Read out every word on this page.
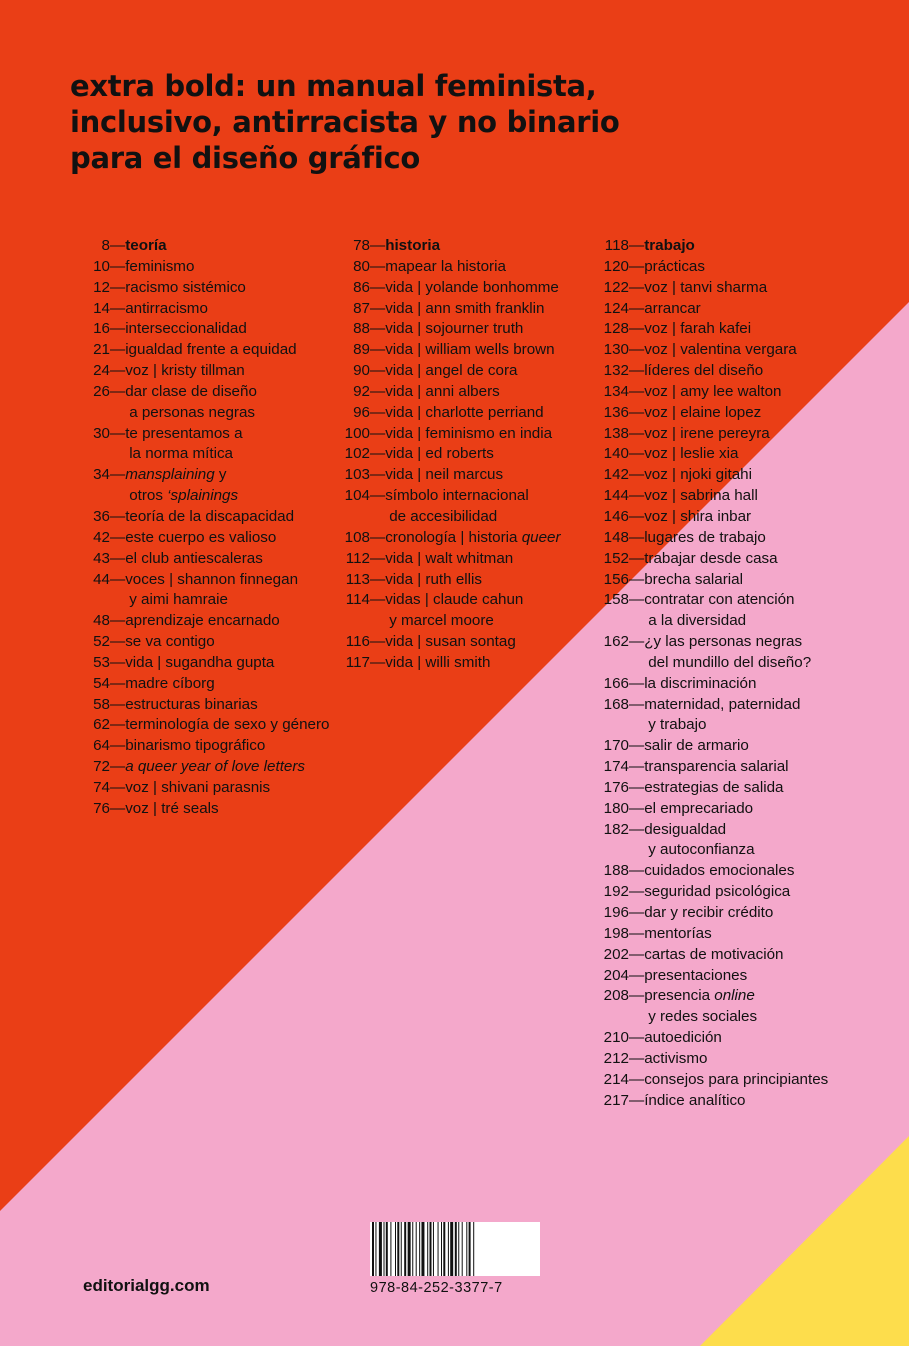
extra bold: un manual feminista,
inclusivo, antirracista y no binario
para el diseño gráfico
8 — teoría
10 — feminismo
12 — racismo sistémico
14 — antirracismo
16 — interseccionalidad
21 — igualdad frente a equidad
24 — voz | kristy tillman
26 — dar clase de diseño
a personas negras
30 — te presentamos a
la norma mítica
34 — mansplaining y
otros ‘splainings
36 — teoría de la discapacidad
42 — este cuerpo es valioso
43 — el club antiescaleras
44 — voces | shannon finnegan
y aimi hamraie
48 — aprendizaje encarnado
52 — se va contigo
53 — vida | sugandha gupta
54 — madre cíborg
58 — estructuras binarias
62 — terminología de sexo y género
64 — binarismo tipográfico
72 — a queer year of love letters
74 — voz | shivani parasnis
76 — voz | tré seals
78 — historia
80 — mapear la historia
86 — vida | yolande bonhomme
87 — vida | ann smith franklin
88 — vida | sojourner truth
89 — vida | william wells brown
90 — vida | angel de cora
92 — vida | anni albers
96 — vida | charlotte perriand
100 — vida | feminismo en india
102 — vida | ed roberts
103 — vida | neil marcus
104 — símbolo internacional
de accesibilidad
108 — cronología | historia queer
112 — vida | walt whitman
113 — vida | ruth ellis
114 — vidas | claude cahun
y marcel moore
116 — vida | susan sontag
117 — vida | willi smith
118 — trabajo
120 — prácticas
122 — voz | tanvi sharma
124 — arrancar
128 — voz | farah kafei
130 — voz | valentina vergara
132 — líderes del diseño
134 — voz | amy lee walton
136 — voz | elaine lopez
138 — voz | irene pereyra
140 — voz | leslie xia
142 — voz | njoki gitahi
144 — voz | sabrina hall
146 — voz | shira inbar
148 — lugares de trabajo
152 — trabajar desde casa
156 — brecha salarial
158 — contratar con atención
a la diversidad
162 — ¿y las personas negras
del mundillo del diseño?
166 — la discriminación
168 — maternidad, paternidad
y trabajo
170 — salir de armario
174 — transparencia salarial
176 — estrategias de salida
180 — el emprecariado
182 — desigualdad
y autoconfianza
188 — cuidados emocionales
192 — seguridad psicológica
196 — dar y recibir crédito
198 — mentorías
202 — cartas de motivación
204 — presentaciones
208 — presencia online
y redes sociales
210 — autoedición
212 — activismo
214 — consejos para principiantes
217 — índice analítico
editorialgg.com	978-84-252-3377-7
